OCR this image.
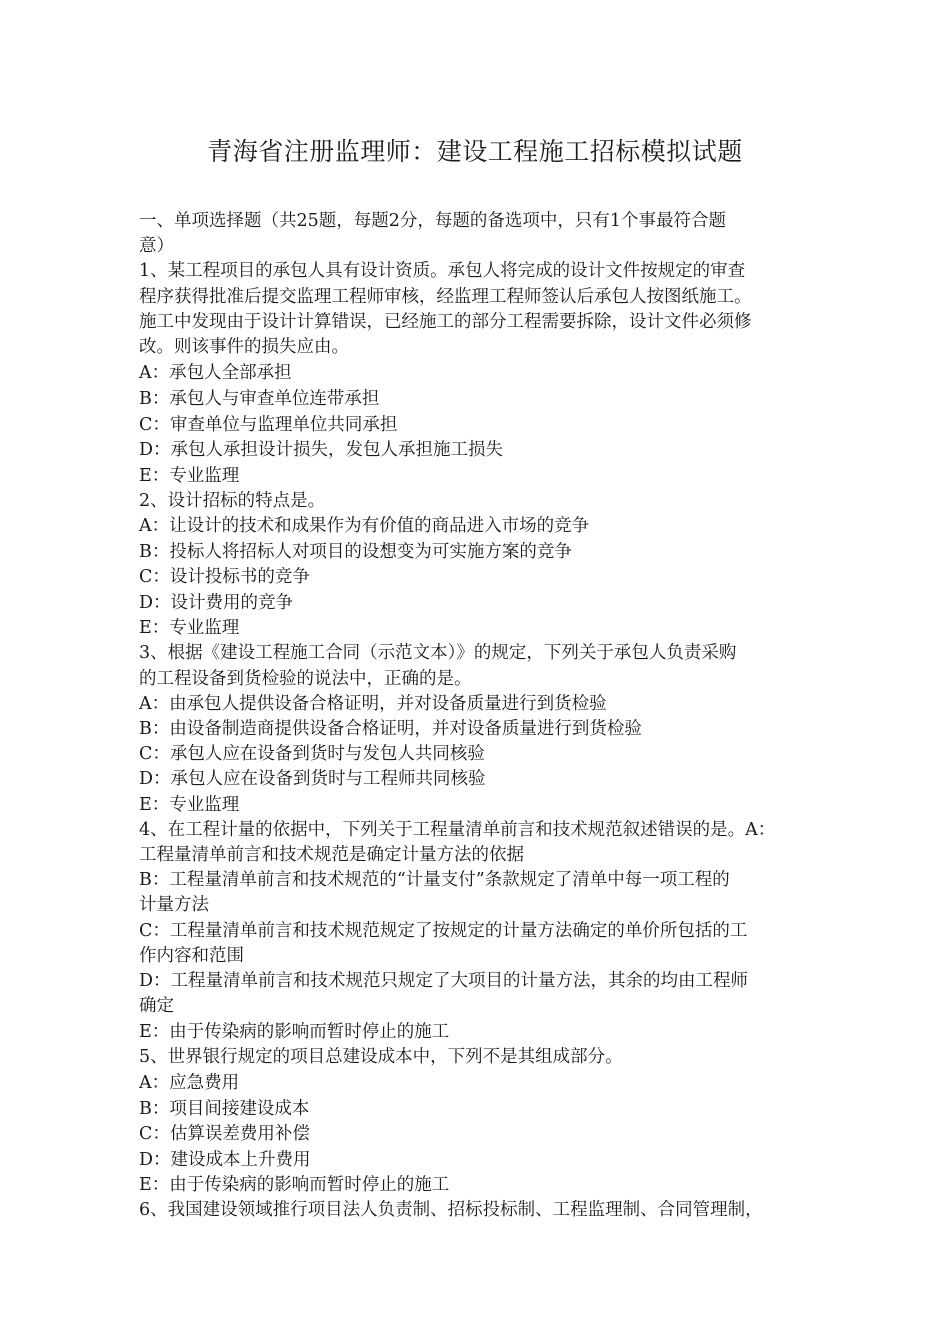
青海省注册监理师：建设工程施工招标模拟试题
一、单项选择题（共25题，每题2分，每题的备选项中，只有1个事最符合题
意）
1、某工程项目的承包人具有设计资质。承包人将完成的设计文件按规定的审查
程序获得批准后提交监理工程师审核，经监理工程师签认后承包人按图纸施工。
施工中发现由于设计计算错误，已经施工的部分工程需要拆除，设计文件必须修
改。则该事件的损失应由。
A：承包人全部承担
B：承包人与审查单位连带承担
C：审查单位与监理单位共同承担
D：承包人承担设计损失，发包人承担施工损失
E：专业监理
2、设计招标的特点是。
A：让设计的技术和成果作为有价值的商品进入市场的竞争
B：投标人将招标人对项目的设想变为可实施方案的竞争
C：设计投标书的竞争
D：设计费用的竞争
E：专业监理
3、根据《建设工程施工合同（示范文本）》的规定，下列关于承包人负责采购
的工程设备到货检验的说法中，正确的是。
A：由承包人提供设备合格证明，并对设备质量进行到货检验
B：由设备制造商提供设备合格证明，并对设备质量进行到货检验
C：承包人应在设备到货时与发包人共同核验
D：承包人应在设备到货时与工程师共同核验
E：专业监理
4、在工程计量的依据中，下列关于工程量清单前言和技术规范叙述错误的是。A：
工程量清单前言和技术规范是确定计量方法的依据
B：工程量清单前言和技术规范的“计量支付”条款规定了清单中每一项工程的
计量方法
C：工程量清单前言和技术规范规定了按规定的计量方法确定的单价所包括的工
作内容和范围
D：工程量清单前言和技术规范只规定了大项目的计量方法，其余的均由工程师
确定
E：由于传染病的影响而暂时停止的施工
5、世界银行规定的项目总建设成本中，下列不是其组成部分。
A：应急费用
B：项目间接建设成本
C：估算误差费用补偿
D：建设成本上升费用
E：由于传染病的影响而暂时停止的施工
6、我国建设领域推行项目法人负责制、招标投标制、工程监理制、合同管理制，
